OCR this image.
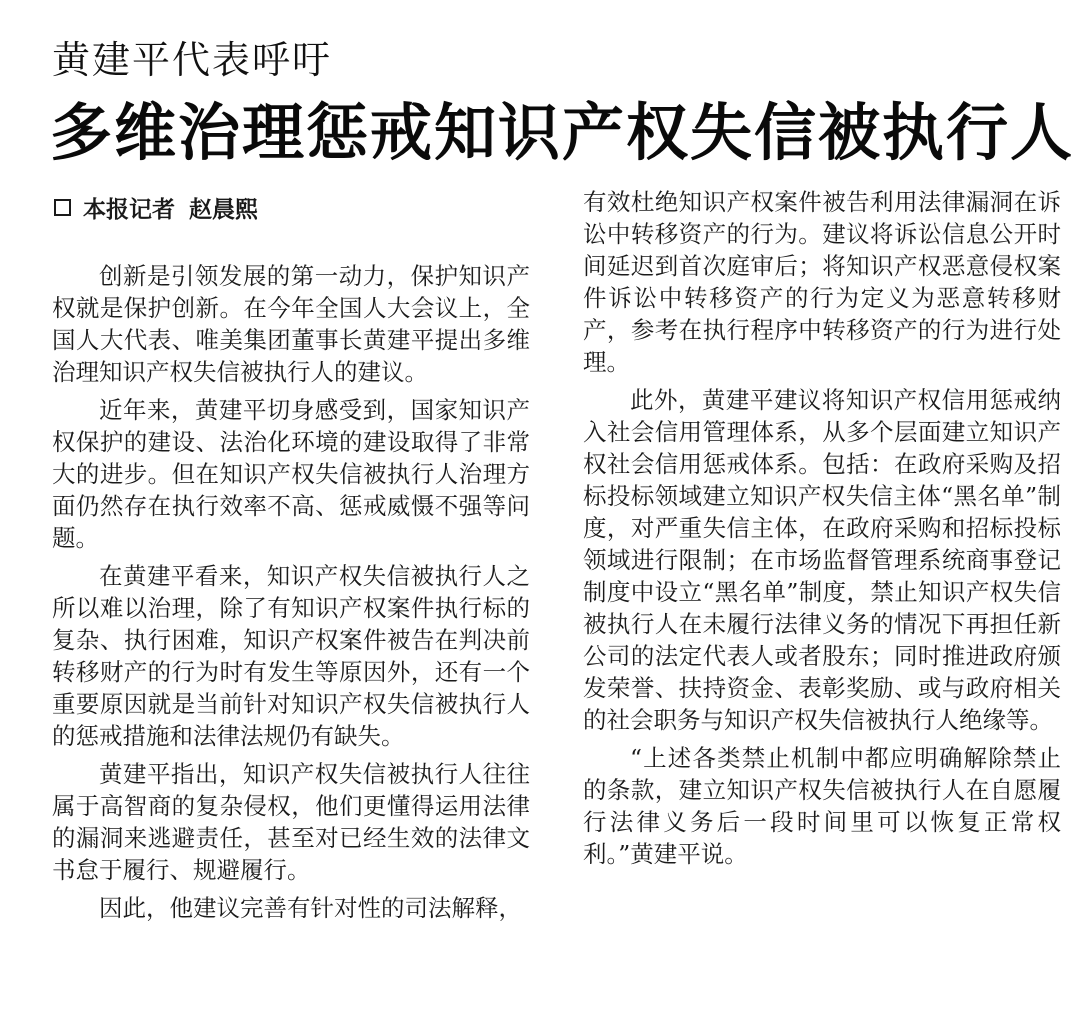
黄建平代表呼吁
多维治理惩戒知识产权失信被执行人
本报记者 赵晨熙

创新是引领发展的第一动力，保护知识产权就是保护创新。在今年全国人大会议上，全国人大代表、唯美集团董事长黄建平提出多维治理知识产权失信被执行人的建议。

近年来，黄建平切身感受到，国家知识产权保护的建设、法治化环境的建设取得了非常大的进步。但在知识产权失信被执行人治理方面仍然存在执行效率不高、惩戒威慑不强等问题。

在黄建平看来，知识产权失信被执行人之所以难以治理，除了有知识产权案件执行标的复杂、执行困难，知识产权案件被告在判决前转移财产的行为时有发生等原因外，还有一个重要原因就是当前针对知识产权失信被执行人的惩戒措施和法律法规仍有缺失。

黄建平指出，知识产权失信被执行人往往属于高智商的复杂侵权，他们更懂得运用法律的漏洞来逃避责任，甚至对已经生效的法律文书怠于履行、规避履行。

因此，他建议完善有针对性的司法解释，

有效杜绝知识产权案件被告利用法律漏洞在诉讼中转移资产的行为。建议将诉讼信息公开时间延迟到首次庭审后；将知识产权恶意侵权案件诉讼中转移资产的行为定义为恶意转移财产，参考在执行程序中转移资产的行为进行处理。

此外，黄建平建议将知识产权信用惩戒纳入社会信用管理体系，从多个层面建立知识产权社会信用惩戒体系。包括：在政府采购及招标投标领域建立知识产权失信主体“黑名单”制度，对严重失信主体，在政府采购和招标投标领域进行限制；在市场监督管理系统商事登记制度中设立“黑名单”制度，禁止知识产权失信被执行人在未履行法律义务的情况下再担任新公司的法定代表人或者股东；同时推进政府颁发荣誉、扶持资金、表彰奖励、或与政府相关的社会职务与知识产权失信被执行人绝缘等。

“上述各类禁止机制中都应明确解除禁止的条款，建立知识产权失信被执行人在自愿履行法律义务后一段时间里可以恢复正常权利。”黄建平说。
